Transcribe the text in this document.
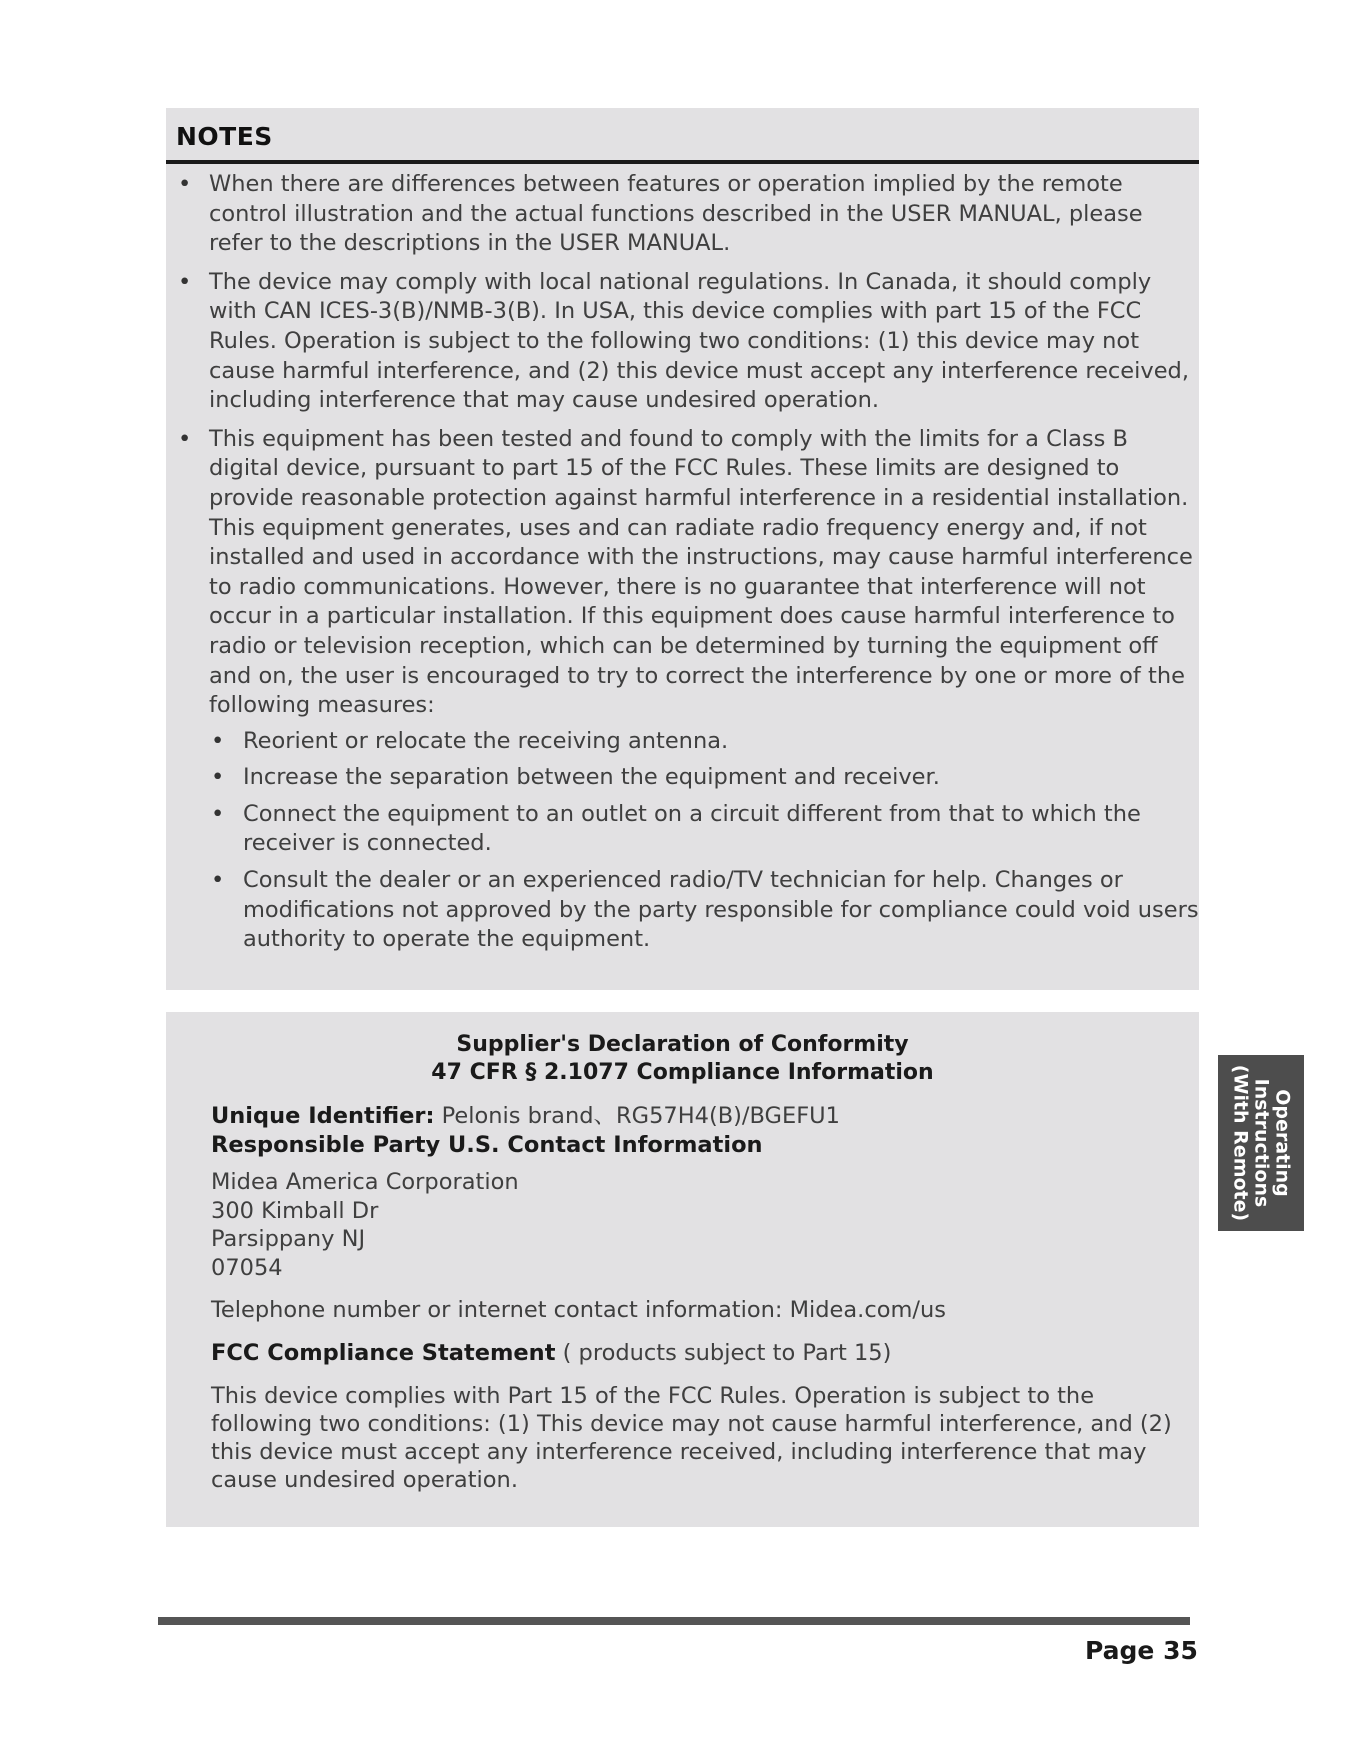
NOTES
• When there are differences between features or operation implied by the remote control illustration and the actual functions described in the USER MANUAL, please refer to the descriptions in the USER MANUAL.
• The device may comply with local national regulations. In Canada, it should comply with CAN ICES-3(B)/NMB-3(B). In USA, this device complies with part 15 of the FCC Rules. Operation is subject to the following two conditions: (1) this device may not cause harmful interference, and (2) this device must accept any interference received, including interference that may cause undesired operation.
• This equipment has been tested and found to comply with the limits for a Class B digital device, pursuant to part 15 of the FCC Rules. These limits are designed to provide reasonable protection against harmful interference in a residential installation. This equipment generates, uses and can radiate radio frequency energy and, if not installed and used in accordance with the instructions, may cause harmful interference to radio communications. However, there is no guarantee that interference will not occur in a particular installation. If this equipment does cause harmful interference to radio or television reception, which can be determined by turning the equipment off and on, the user is encouraged to try to correct the interference by one or more of the following measures:
• Reorient or relocate the receiving antenna.
• Increase the separation between the equipment and receiver.
• Connect the equipment to an outlet on a circuit different from that to which the receiver is connected.
• Consult the dealer or an experienced radio/TV technician for help. Changes or modifications not approved by the party responsible for compliance could void users authority to operate the equipment.
Supplier's Declaration of Conformity
47 CFR § 2.1077 Compliance Information

Unique Identifier: Pelonis brand、RG57H4(B)/BGEFU1

Responsible Party U.S. Contact Information

Midea America Corporation
300 Kimball Dr
Parsippany NJ
07054

Telephone number or internet contact information: Midea.com/us

FCC Compliance Statement ( products subject to Part 15)

This device complies with Part 15 of the FCC Rules. Operation is subject to the following two conditions: (1) This device may not cause harmful interference, and (2) this device must accept any interference received, including interference that may cause undesired operation.

Operating
Instructions
(With Remote)
Page 35
